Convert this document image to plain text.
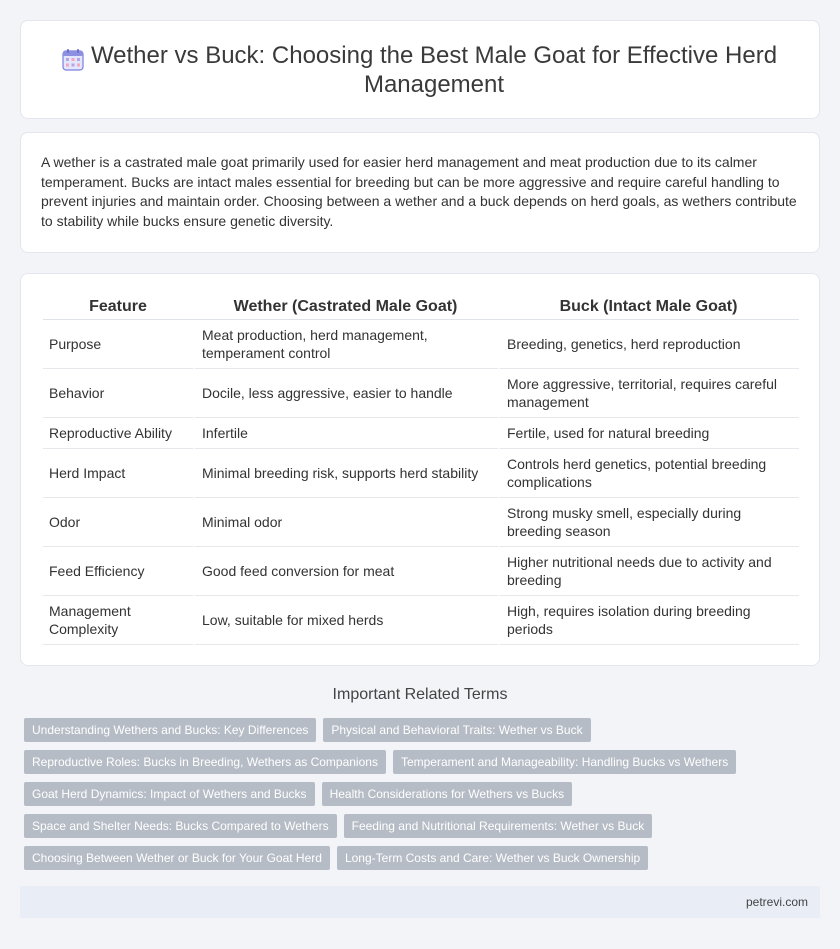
Wether vs Buck: Choosing the Best Male Goat for Effective Herd Management

A wether is a castrated male goat primarily used for easier herd management and meat production due to its calmer temperament. Bucks are intact males essential for breeding but can be more aggressive and require careful handling to prevent injuries and maintain order. Choosing between a wether and a buck depends on herd goals, as wethers contribute to stability while bucks ensure genetic diversity.

Feature	Wether (Castrated Male Goat)	Buck (Intact Male Goat)
Purpose	Meat production, herd management, temperament control	Breeding, genetics, herd reproduction
Behavior	Docile, less aggressive, easier to handle	More aggressive, territorial, requires careful management
Reproductive Ability	Infertile	Fertile, used for natural breeding
Herd Impact	Minimal breeding risk, supports herd stability	Controls herd genetics, potential breeding complications
Odor	Minimal odor	Strong musky smell, especially during breeding season
Feed Efficiency	Good feed conversion for meat	Higher nutritional needs due to activity and breeding
Management Complexity	Low, suitable for mixed herds	High, requires isolation during breeding periods
Important Related Terms
Understanding Wethers and Bucks: Key Differences	Physical and Behavioral Traits: Wether vs Buck
Reproductive Roles: Bucks in Breeding, Wethers as Companions	Temperament and Manageability: Handling Bucks vs Wethers
Goat Herd Dynamics: Impact of Wethers and Bucks	Health Considerations for Wethers vs Bucks
Space and Shelter Needs: Bucks Compared to Wethers	Feeding and Nutritional Requirements: Wether vs Buck
Choosing Between Wether or Buck for Your Goat Herd	Long-Term Costs and Care: Wether vs Buck Ownership
petrevi.com
